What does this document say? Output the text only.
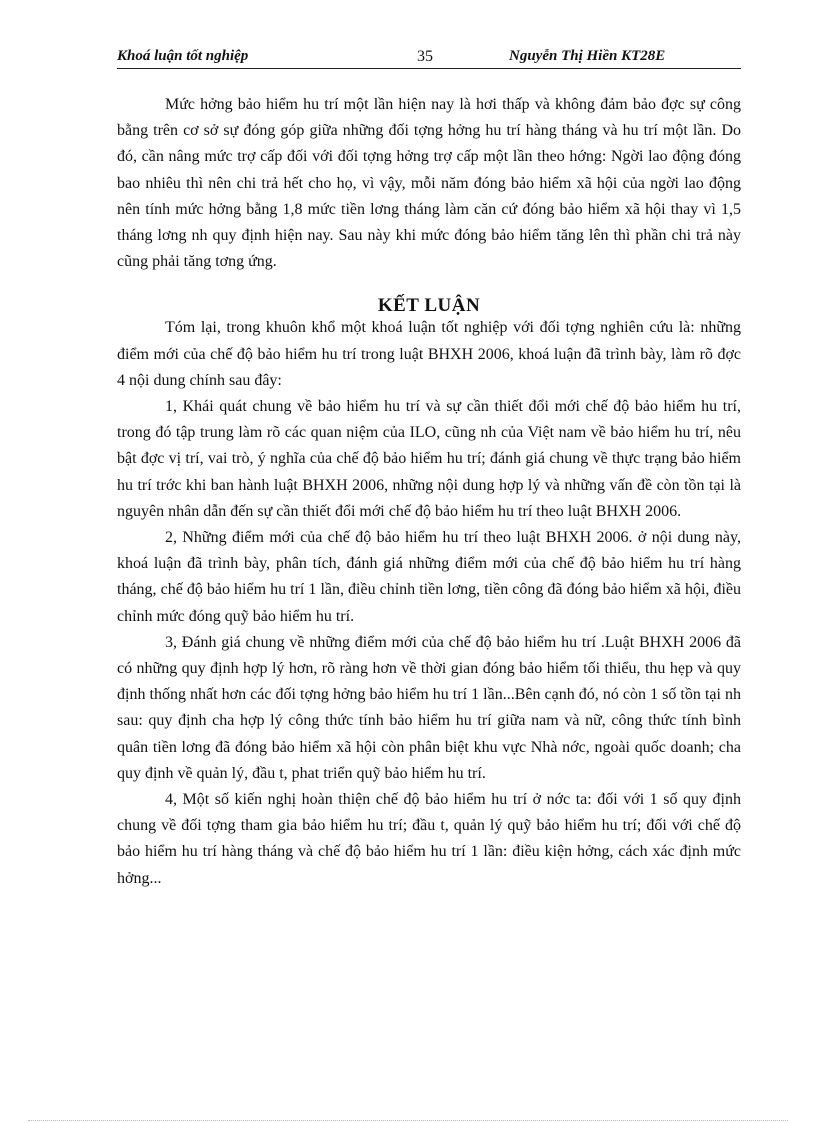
Khoá luận tốt nghiệp	35	Nguyễn Thị Hiền KT28E

Mức hởng bảo hiểm hu trí một lần hiện nay là hơi thấp và không đảm bảo đợc sự công bằng trên cơ sở sự đóng góp giữa những đối tợng hởng hu trí hàng tháng và hu trí một lần. Do đó, cần nâng mức trợ cấp đối với đối tợng hởng trợ cấp một lần theo hớng: Ngời lao động đóng bao nhiêu thì nên chi trả hết cho họ, vì vậy, mỗi năm đóng bảo hiểm xã hội của ngời lao động nên tính mức hởng bằng 1,8 mức tiền lơng tháng làm căn cứ đóng bảo hiểm xã hội thay vì 1,5 tháng lơng nh quy định hiện nay. Sau này khi mức đóng bảo hiểm tăng lên thì phần chi trả này cũng phải tăng tơng ứng.

KẾT LUẬN

Tóm lại, trong khuôn khổ một khoá luận tốt nghiệp với đối tợng nghiên cứu là: những điểm mới của chế độ bảo hiểm hu trí trong luật BHXH 2006, khoá luận đã trình bày, làm rõ đợc 4 nội dung chính sau đây:

1, Khái quát chung về bảo hiểm hu trí và sự cần thiết đổi mới chế độ bảo hiểm hu trí, trong đó tập trung làm rõ các quan niệm của ILO, cũng nh của Việt nam về bảo hiểm hu trí, nêu bật đợc vị trí, vai trò, ý nghĩa của chế độ bảo hiểm hu trí; đánh giá chung về thực trạng bảo hiểm hu trí trớc khi ban hành luật BHXH 2006, những nội dung hợp lý và những vấn đề còn tồn tại là nguyên nhân dẫn đến sự cần thiết đổi mới chế độ bảo hiểm hu trí theo luật BHXH 2006.

2, Những điểm mới của chế độ bảo hiểm hu trí theo luật BHXH 2006. ở nội dung này, khoá luận đã trình bày, phân tích, đánh giá những điểm mới của chế độ bảo hiểm hu trí hàng tháng, chế độ bảo hiểm hu trí 1 lần, điều chỉnh tiền lơng, tiền công đã đóng bảo hiểm xã hội, điều chỉnh mức đóng quỹ bảo hiểm hu trí.

3, Đánh giá chung về những điểm mới của chế độ bảo hiểm hu trí .Luật BHXH 2006 đã có những quy định hợp lý hơn, rõ ràng hơn về thời gian đóng bảo hiểm tối thiểu, thu hẹp và quy định thống nhất hơn các đối tợng hởng bảo hiểm hu trí 1 lần...Bên cạnh đó, nó còn 1 số tồn tại nh sau: quy định cha hợp lý công thức tính bảo hiểm hu trí giữa nam và nữ, công thức tính bình quân tiền lơng đã đóng bảo hiểm xã hội còn phân biệt khu vực Nhà nớc, ngoài quốc doanh; cha quy định về quản lý, đầu t, phat triển quỹ bảo hiểm hu trí.

4, Một số kiến nghị hoàn thiện chế độ bảo hiểm hu trí ở nớc ta: đối với 1 số quy định chung về đối tợng tham gia bảo hiểm hu trí; đầu t, quản lý quỹ bảo hiểm hu trí; đối với chế độ bảo hiểm hu trí hàng tháng và chế độ bảo hiểm hu trí 1 lần: điều kiện hởng, cách xác định mức hởng...
